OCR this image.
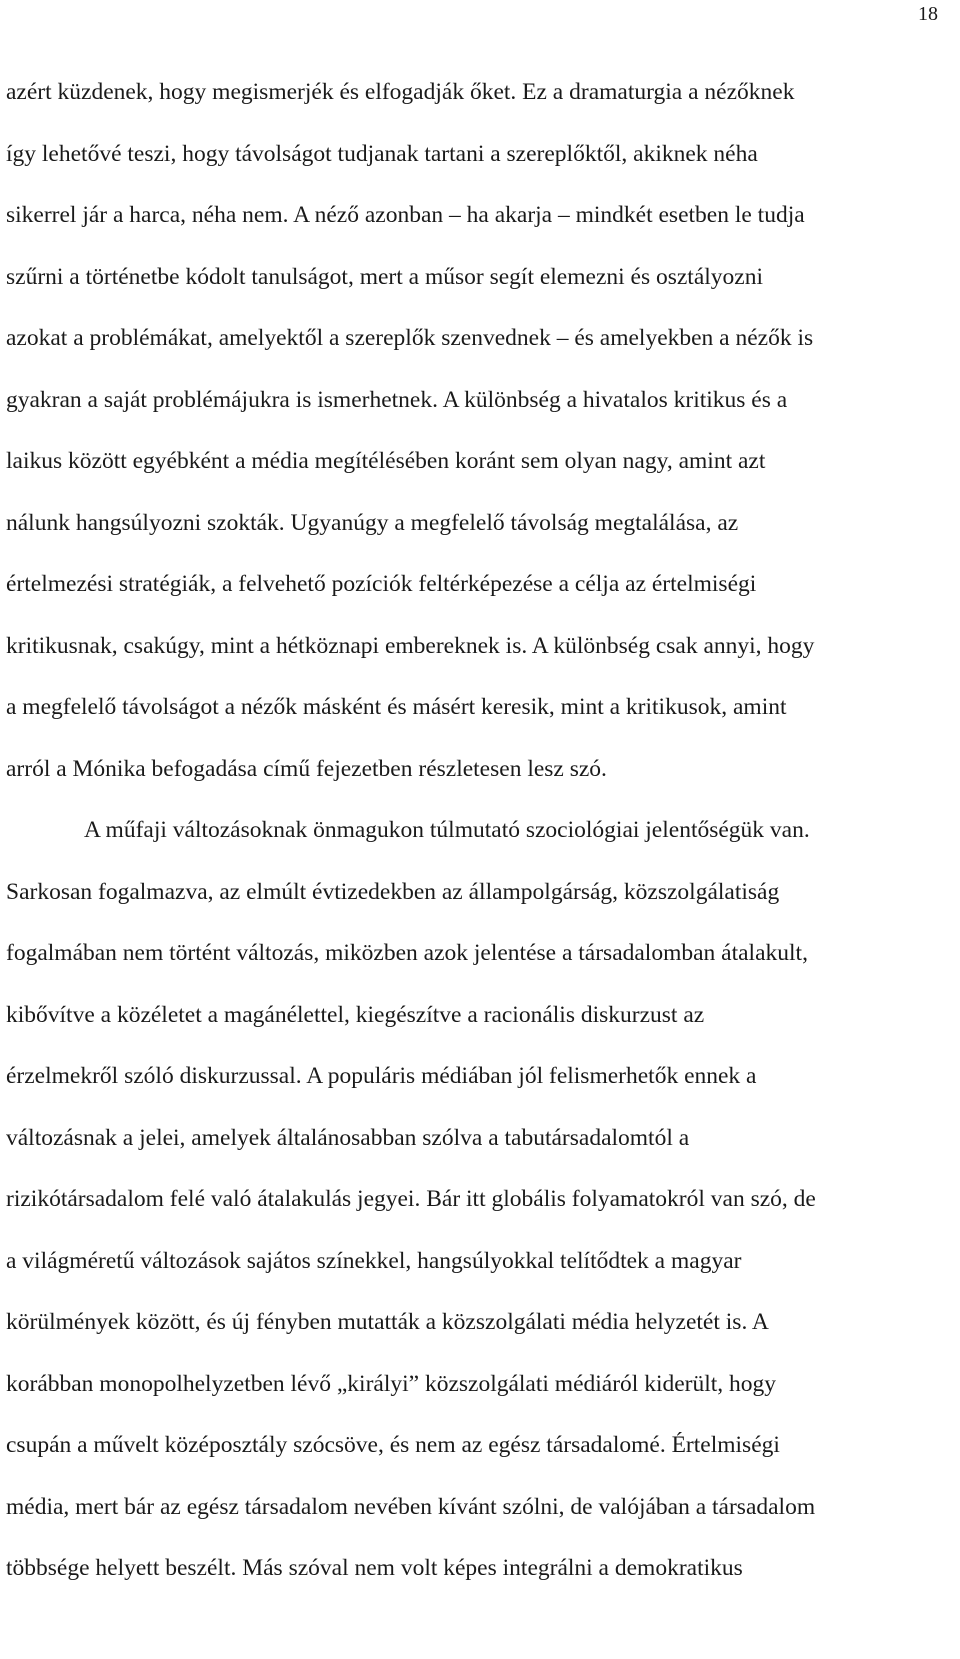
18
azért küzdenek, hogy megismerjék és elfogadják őket. Ez a dramaturgia a nézőknek
így lehetővé teszi, hogy távolságot tudjanak tartani a szereplőktől, akiknek néha
sikerrel jár a harca, néha nem. A néző azonban – ha akarja – mindkét esetben le tudja
szűrni a történetbe kódolt tanulságot, mert a műsor segít elemezni és osztályozni
azokat a problémákat, amelyektől a szereplők szenvednek – és amelyekben a nézők is
gyakran a saját problémájukra is ismerhetnek. A különbség a hivatalos kritikus és a
laikus között egyébként a média megítélésében koránt sem olyan nagy, amint azt
nálunk hangsúlyozni szokták. Ugyanúgy a megfelelő távolság megtalálása, az
értelmezési stratégiák, a felvehető pozíciók feltérképezése a célja az értelmiségi
kritikusnak, csakúgy, mint a hétköznapi embereknek is. A különbség csak annyi, hogy
a megfelelő távolságot a nézők másként és másért keresik, mint a kritikusok, amint
arról a Mónika befogadása című fejezetben részletesen lesz szó.
A műfaji változásoknak önmagukon túlmutató szociológiai jelentőségük van.
Sarkosan fogalmazva, az elmúlt évtizedekben az állampolgárság, közszolgálatiság
fogalmában nem történt változás, miközben azok jelentése a társadalomban átalakult,
kibővítve a közéletet a magánélettel, kiegészítve a racionális diskurzust az
érzelmekről szóló diskurzussal. A populáris médiában jól felismerhetők ennek a
változásnak a jelei, amelyek általánosabban szólva a tabutársadalomtól a
rizikótársadalom felé való átalakulás jegyei. Bár itt globális folyamatokról van szó, de
a világméretű változások sajátos színekkel, hangsúlyokkal telítődtek a magyar
körülmények között, és új fényben mutatták a közszolgálati média helyzetét is. A
korábban monopolhelyzetben lévő „királyi” közszolgálati médiáról kiderült, hogy
csupán a művelt középosztály szócsöve, és nem az egész társadalomé. Értelmiségi
média, mert bár az egész társadalom nevében kívánt szólni, de valójában a társadalom
többsége helyett beszélt. Más szóval nem volt képes integrálni a demokratikus
